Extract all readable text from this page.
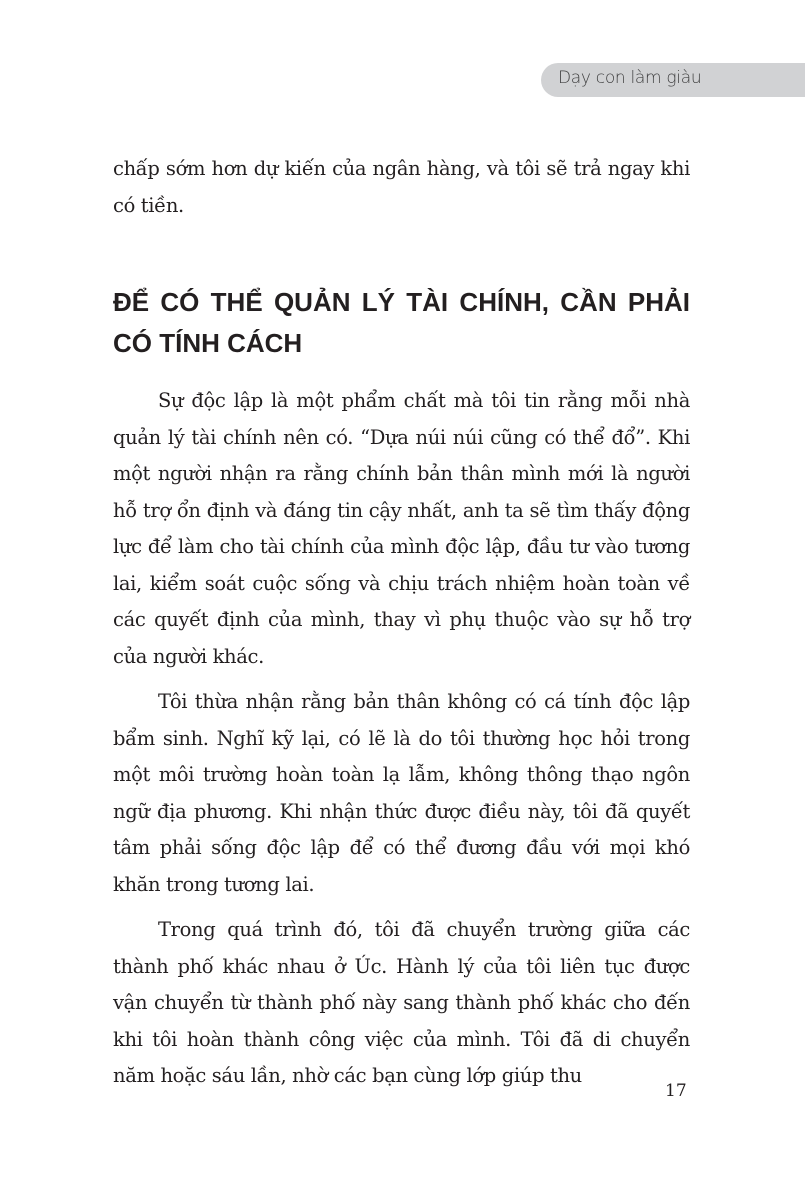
Dạy con làm giàu

chấp sớm hơn dự kiến của ngân hàng, và tôi sẽ trả ngay khi có tiền.

ĐỂ CÓ THỂ QUẢN LÝ TÀI CHÍNH, CẦN PHẢI CÓ TÍNH CÁCH

Sự độc lập là một phẩm chất mà tôi tin rằng mỗi nhà quản lý tài chính nên có. “Dựa núi núi cũng có thể đổ”. Khi một người nhận ra rằng chính bản thân mình mới là người hỗ trợ ổn định và đáng tin cậy nhất, anh ta sẽ tìm thấy động lực để làm cho tài chính của mình độc lập, đầu tư vào tương lai, kiểm soát cuộc sống và chịu trách nhiệm hoàn toàn về các quyết định của mình, thay vì phụ thuộc vào sự hỗ trợ của người khác.

Tôi thừa nhận rằng bản thân không có cá tính độc lập bẩm sinh. Nghĩ kỹ lại, có lẽ là do tôi thường học hỏi trong một môi trường hoàn toàn lạ lẫm, không thông thạo ngôn ngữ địa phương. Khi nhận thức được điều này, tôi đã quyết tâm phải sống độc lập để có thể đương đầu với mọi khó khăn trong tương lai.

Trong quá trình đó, tôi đã chuyển trường giữa các thành phố khác nhau ở Úc. Hành lý của tôi liên tục được vận chuyển từ thành phố này sang thành phố khác cho đến khi tôi hoàn thành công việc của mình. Tôi đã di chuyển năm hoặc sáu lần, nhờ các bạn cùng lớp giúp thu

17
